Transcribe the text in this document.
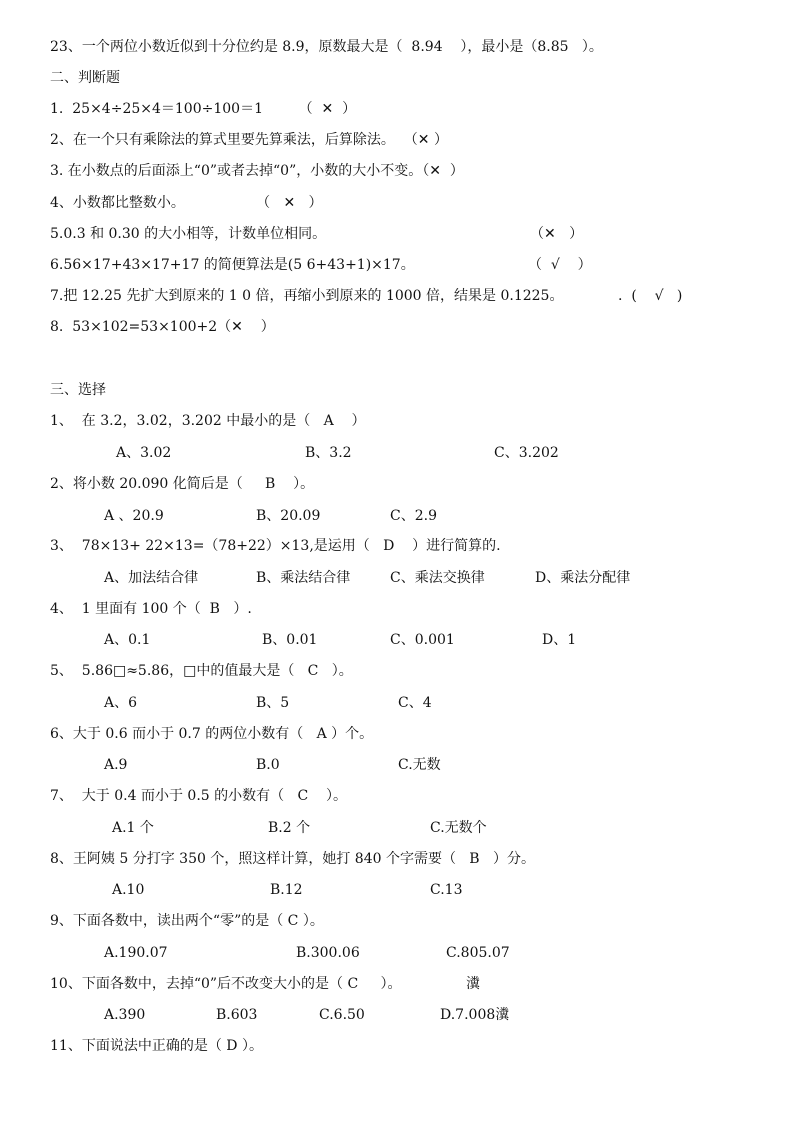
23、一个两位小数近似到十分位约是 8.9，原数最大是（  8.94    ），最小是（8.85   ）。
二、判断题
1.  25×4÷25×4＝100÷100＝1        （  ✕  ）
2、在一个只有乘除法的算式里要先算乘法，后算除法。  （✕ ）
3. 在小数点的后面添上“0”或者去掉“0”，小数的大小不变。（✕  ）
4、小数都比整数小。                （   ✕   ）
5.0.3 和 0.30 的大小相等，计数单位相同。	（✕   ）
6.56×17+43×17+17 的简便算法是(5 6+43+1)×17。	（  √    ）
7.把 12.25 先扩大到原来的 1 0 倍，再缩小到原来的 1000 倍，结果是 0.1225。	.  (    √   )
8.  53×102=53×100+2（✕    ）
三、选择
1、  在 3.2，3.02，3.202 中最小的是（   A    ）
A、3.02	B、3.2	C、3.202
2、将小数 20.090 化简后是（     B    ）。
A 、20.9	B、20.09	C、2.9
3、  78×13+ 22×13=（78+22）×13,是运用（   D    ）进行简算的.
A、加法结合律	B、乘法结合律	C、乘法交换律	D、乘法分配律
4、  1 里面有 100 个（  B   ）.
A、0.1	B、0.01	C、0.001	D、1
5、  5.86□≈5.86，□中的值最大是（   C   ）。
A、6	B、5	C、4
6、大于 0.6 而小于 0.7 的两位小数有（   A ）个。
A.9	B.0	C.无数
7、  大于 0.4 而小于 0.5 的小数有（   C    ）。
A.1 个	B.2 个	C.无数个
8、王阿姨 5 分打字 350 个，照这样计算，她打 840 个字需要（   B   ）分。
A.10	B.12	C.13
9、下面各数中，读出两个“零”的是（ C ）。
A.190.07	B.300.06	C.805.07
10、下面各数中，去掉“0”后不改变大小的是（ C     ）。	瀵
A.390	B.603	C.6.50	D.7.008瀵
11、下面说法中正确的是（ D ）。
